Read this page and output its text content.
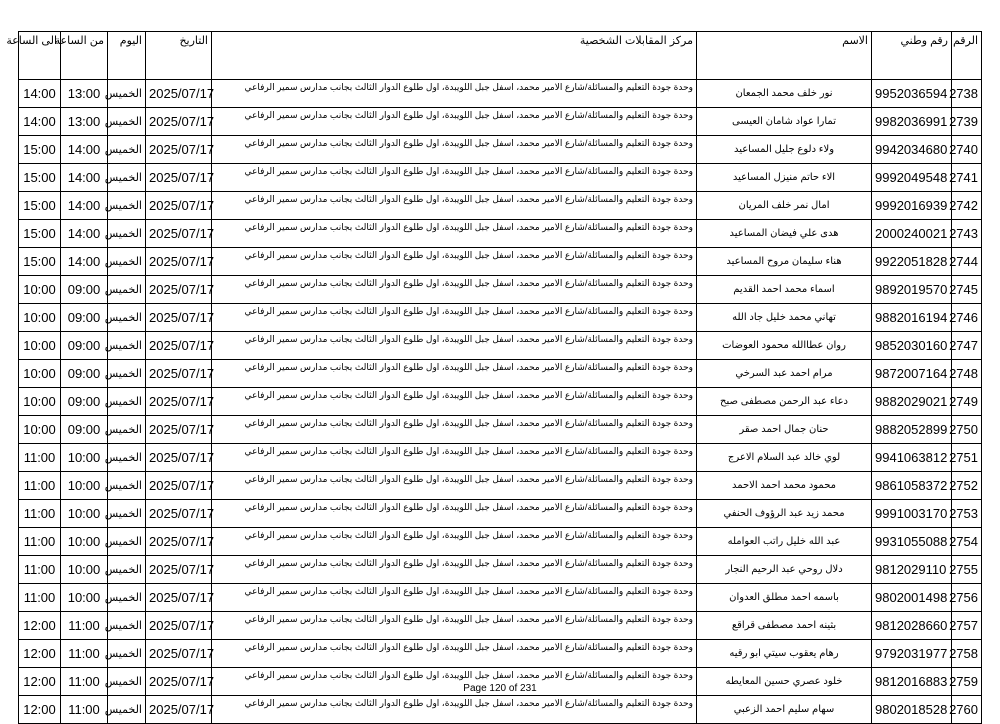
الرقم	رقم وطني	الاسم	مركز المقابلات الشخصية	التاريخ	اليوم	من الساعة	الى الساعة
2738	9952036594	نور خلف محمد الجمعان	وحدة جودة التعليم والمسائلة/شارع الامير محمد، اسفل جبل اللويبدة، اول طلوع الدوار الثالث بجانب مدارس سمير الرفاعي	2025/07/17	الخميس	13:00	14:00
2739	9982036991	تمارا عواد شامان العيسى	وحدة جودة التعليم والمسائلة/شارع الامير محمد، اسفل جبل اللويبدة، اول طلوع الدوار الثالث بجانب مدارس سمير الرفاعي	2025/07/17	الخميس	13:00	14:00
2740	9942034680	ولاء دلوع جليل المساعيد	وحدة جودة التعليم والمسائلة/شارع الامير محمد، اسفل جبل اللويبدة، اول طلوع الدوار الثالث بجانب مدارس سمير الرفاعي	2025/07/17	الخميس	14:00	15:00
2741	9992049548	الاء حاتم منيزل المساعيد	وحدة جودة التعليم والمسائلة/شارع الامير محمد، اسفل جبل اللويبدة، اول طلوع الدوار الثالث بجانب مدارس سمير الرفاعي	2025/07/17	الخميس	14:00	15:00
2742	9992016939	امال نمر خلف المريان	وحدة جودة التعليم والمسائلة/شارع الامير محمد، اسفل جبل اللويبدة، اول طلوع الدوار الثالث بجانب مدارس سمير الرفاعي	2025/07/17	الخميس	14:00	15:00
2743	2000240021	هدى علي فيضان المساعيد	وحدة جودة التعليم والمسائلة/شارع الامير محمد، اسفل جبل اللويبدة، اول طلوع الدوار الثالث بجانب مدارس سمير الرفاعي	2025/07/17	الخميس	14:00	15:00
2744	9922051828	هناء سليمان مروح المساعيد	وحدة جودة التعليم والمسائلة/شارع الامير محمد، اسفل جبل اللويبدة، اول طلوع الدوار الثالث بجانب مدارس سمير الرفاعي	2025/07/17	الخميس	14:00	15:00
2745	9892019570	اسماء محمد احمد القديم	وحدة جودة التعليم والمسائلة/شارع الامير محمد، اسفل جبل اللويبدة، اول طلوع الدوار الثالث بجانب مدارس سمير الرفاعي	2025/07/17	الخميس	09:00	10:00
2746	9882016194	تهاني محمد خليل جاد الله	وحدة جودة التعليم والمسائلة/شارع الامير محمد، اسفل جبل اللويبدة، اول طلوع الدوار الثالث بجانب مدارس سمير الرفاعي	2025/07/17	الخميس	09:00	10:00
2747	9852030160	روان عطاالله محمود العوضات	وحدة جودة التعليم والمسائلة/شارع الامير محمد، اسفل جبل اللويبدة، اول طلوع الدوار الثالث بجانب مدارس سمير الرفاعي	2025/07/17	الخميس	09:00	10:00
2748	9872007164	مرام احمد عبد السرخي	وحدة جودة التعليم والمسائلة/شارع الامير محمد، اسفل جبل اللويبدة، اول طلوع الدوار الثالث بجانب مدارس سمير الرفاعي	2025/07/17	الخميس	09:00	10:00
2749	9882029021	دعاء عبد الرحمن مصطفى صبح	وحدة جودة التعليم والمسائلة/شارع الامير محمد، اسفل جبل اللويبدة، اول طلوع الدوار الثالث بجانب مدارس سمير الرفاعي	2025/07/17	الخميس	09:00	10:00
2750	9882052899	حنان جمال احمد صقر	وحدة جودة التعليم والمسائلة/شارع الامير محمد، اسفل جبل اللويبدة، اول طلوع الدوار الثالث بجانب مدارس سمير الرفاعي	2025/07/17	الخميس	09:00	10:00
2751	9941063812	لوي خالد عبد السلام الاعرج	وحدة جودة التعليم والمسائلة/شارع الامير محمد، اسفل جبل اللويبدة، اول طلوع الدوار الثالث بجانب مدارس سمير الرفاعي	2025/07/17	الخميس	10:00	11:00
2752	9861058372	محمود محمد احمد الاحمد	وحدة جودة التعليم والمسائلة/شارع الامير محمد، اسفل جبل اللويبدة، اول طلوع الدوار الثالث بجانب مدارس سمير الرفاعي	2025/07/17	الخميس	10:00	11:00
2753	9991003170	محمد زيد عبد الرؤوف الحنفي	وحدة جودة التعليم والمسائلة/شارع الامير محمد، اسفل جبل اللويبدة، اول طلوع الدوار الثالث بجانب مدارس سمير الرفاعي	2025/07/17	الخميس	10:00	11:00
2754	9931055088	عبد الله خليل راتب العوامله	وحدة جودة التعليم والمسائلة/شارع الامير محمد، اسفل جبل اللويبدة، اول طلوع الدوار الثالث بجانب مدارس سمير الرفاعي	2025/07/17	الخميس	10:00	11:00
2755	9812029110	دلال روحي عبد الرحيم النجار	وحدة جودة التعليم والمسائلة/شارع الامير محمد، اسفل جبل اللويبدة، اول طلوع الدوار الثالث بجانب مدارس سمير الرفاعي	2025/07/17	الخميس	10:00	11:00
2756	9802001498	باسمه احمد مطلق العدوان	وحدة جودة التعليم والمسائلة/شارع الامير محمد، اسفل جبل اللويبدة، اول طلوع الدوار الثالث بجانب مدارس سمير الرفاعي	2025/07/17	الخميس	10:00	11:00
2757	9812028660	بثينه احمد مصطفى قراقع	وحدة جودة التعليم والمسائلة/شارع الامير محمد، اسفل جبل اللويبدة، اول طلوع الدوار الثالث بجانب مدارس سمير الرفاعي	2025/07/17	الخميس	11:00	12:00
2758	9792031977	رهام يعقوب سيتي ابو رقيه	وحدة جودة التعليم والمسائلة/شارع الامير محمد، اسفل جبل اللويبدة، اول طلوع الدوار الثالث بجانب مدارس سمير الرفاعي	2025/07/17	الخميس	11:00	12:00
2759	9812016883	خلود عصري حسين المعايطه	وحدة جودة التعليم والمسائلة/شارع الامير محمد، اسفل جبل اللويبدة، اول طلوع الدوار الثالث بجانب مدارس سمير الرفاعي	2025/07/17	الخميس	11:00	12:00
2760	9802018528	سهام سليم احمد الزعبي	وحدة جودة التعليم والمسائلة/شارع الامير محمد، اسفل جبل اللويبدة، اول طلوع الدوار الثالث بجانب مدارس سمير الرفاعي	2025/07/17	الخميس	11:00	12:00
Page 120 of 231
